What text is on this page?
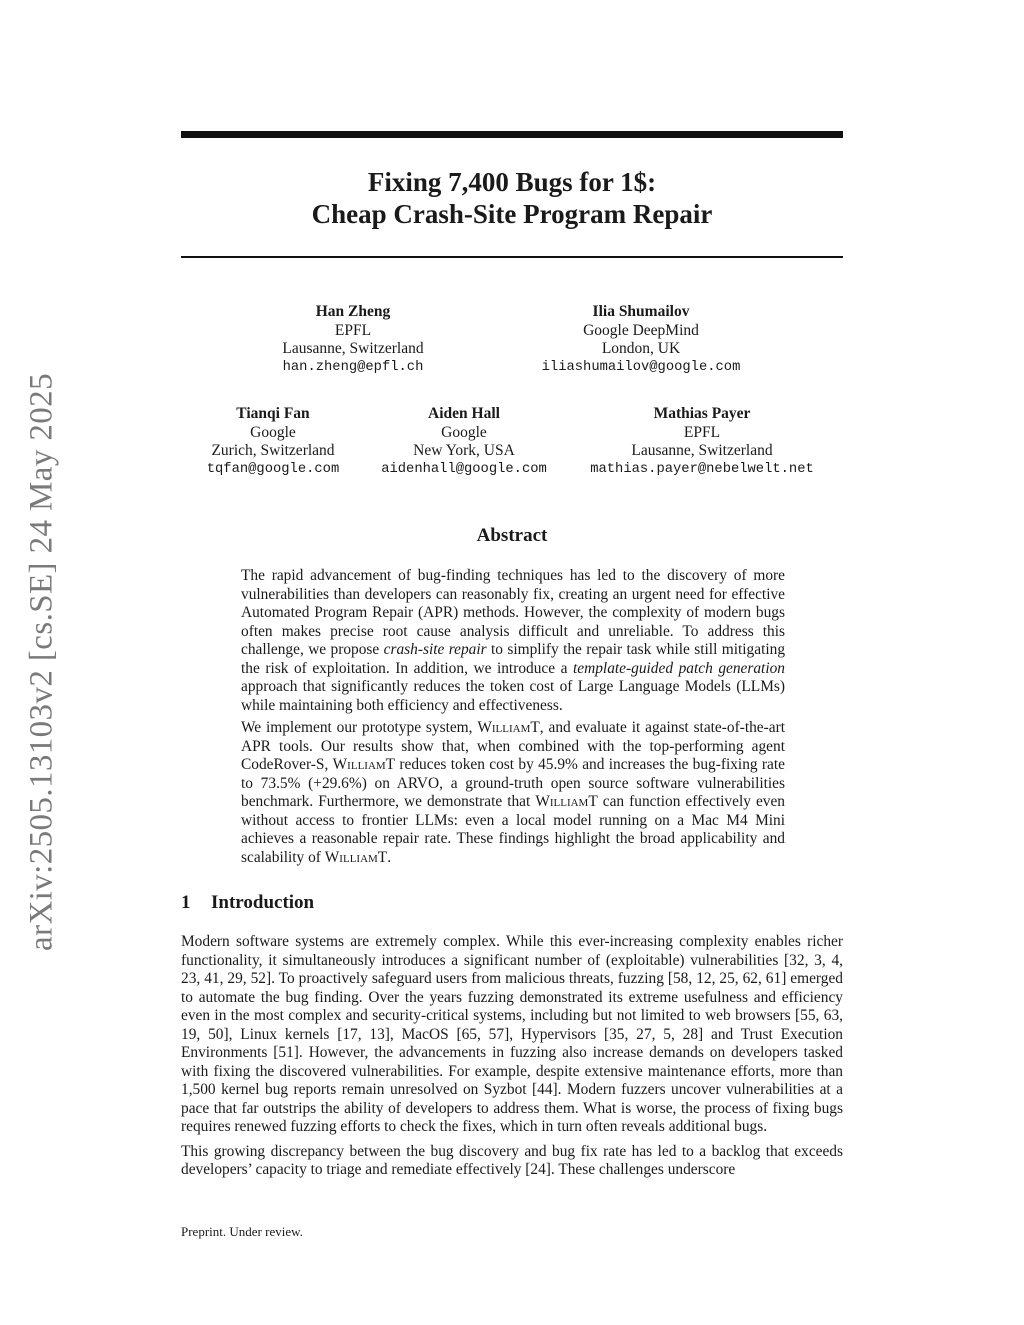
arXiv:2505.13103v2 [cs.SE] 24 May 2025
Fixing 7,400 Bugs for 1$:
Cheap Crash-Site Program Repair
Han Zheng
EPFL
Lausanne, Switzerland
han.zheng@epfl.ch
Ilia Shumailov
Google DeepMind
London, UK
iliashumailov@google.com
Tianqi Fan
Google
Zurich, Switzerland
tqfan@google.com
Aiden Hall
Google
New York, USA
aidenhall@google.com
Mathias Payer
EPFL
Lausanne, Switzerland
mathias.payer@nebelwelt.net
Abstract

The rapid advancement of bug-finding techniques has led to the discovery of more vulnerabilities than developers can reasonably fix, creating an urgent need for effective Automated Program Repair (APR) methods. However, the complexity of modern bugs often makes precise root cause analysis difficult and unreliable. To address this challenge, we propose crash-site repair to simplify the repair task while still mitigating the risk of exploitation. In addition, we introduce a template-guided patch generation approach that significantly reduces the token cost of Large Language Models (LLMs) while maintaining both efficiency and effectiveness.

We implement our prototype system, WilliamT, and evaluate it against state-of-the-art APR tools. Our results show that, when combined with the top-performing agent CodeRover-S, WilliamT reduces token cost by 45.9% and increases the bug-fixing rate to 73.5% (+29.6%) on ARVO, a ground-truth open source software vulnerabilities benchmark. Furthermore, we demonstrate that WilliamT can function effectively even without access to frontier LLMs: even a local model running on a Mac M4 Mini achieves a reasonable repair rate. These findings highlight the broad applicability and scalability of WilliamT.

1 Introduction

Modern software systems are extremely complex. While this ever-increasing complexity enables richer functionality, it simultaneously introduces a significant number of (exploitable) vulnerabilities [32, 3, 4, 23, 41, 29, 52]. To proactively safeguard users from malicious threats, fuzzing [58, 12, 25, 62, 61] emerged to automate the bug finding. Over the years fuzzing demonstrated its extreme usefulness and efficiency even in the most complex and security-critical systems, including but not limited to web browsers [55, 63, 19, 50], Linux kernels [17, 13], MacOS [65, 57], Hypervisors [35, 27, 5, 28] and Trust Execution Environments [51]. However, the advancements in fuzzing also increase demands on developers tasked with fixing the discovered vulnerabilities. For example, despite extensive maintenance efforts, more than 1,500 kernel bug reports remain unresolved on Syzbot [44]. Modern fuzzers uncover vulnerabilities at a pace that far outstrips the ability of developers to address them. What is worse, the process of fixing bugs requires renewed fuzzing efforts to check the fixes, which in turn often reveals additional bugs.

This growing discrepancy between the bug discovery and bug fix rate has led to a backlog that exceeds developers’ capacity to triage and remediate effectively [24]. These challenges underscore

Preprint. Under review.
